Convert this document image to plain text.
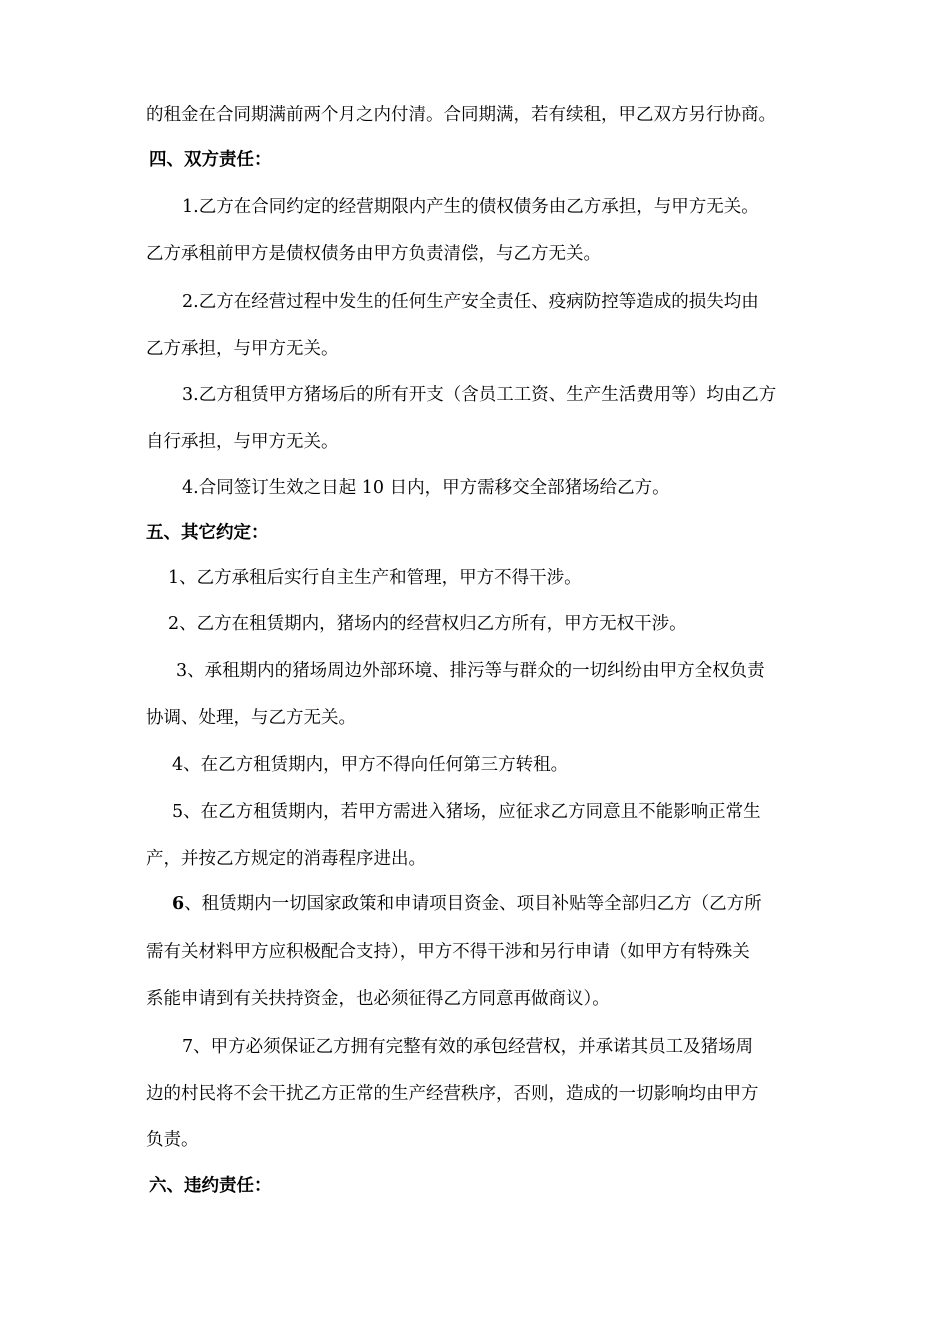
的租金在合同期满前两个月之内付清。合同期满，若有续租，甲乙双方另行协商。
四、双方责任：
1.乙方在合同约定的经营期限内产生的债权债务由乙方承担，与甲方无关。
乙方承租前甲方是债权债务由甲方负责清偿，与乙方无关。
2.乙方在经营过程中发生的任何生产安全责任、疫病防控等造成的损失均由
乙方承担，与甲方无关。
3.乙方租赁甲方猪场后的所有开支（含员工工资、生产生活费用等）均由乙方
自行承担，与甲方无关。
4.合同签订生效之日起 10 日内，甲方需移交全部猪场给乙方。
五、其它约定：
1、乙方承租后实行自主生产和管理，甲方不得干涉。
2、乙方在租赁期内，猪场内的经营权归乙方所有，甲方无权干涉。
3、承租期内的猪场周边外部环境、排污等与群众的一切纠纷由甲方全权负责
协调、处理，与乙方无关。
4、在乙方租赁期内，甲方不得向任何第三方转租。
5、在乙方租赁期内，若甲方需进入猪场，应征求乙方同意且不能影响正常生
产，并按乙方规定的消毒程序进出。
6、租赁期内一切国家政策和申请项目资金、项目补贴等全部归乙方（乙方所
需有关材料甲方应积极配合支持），甲方不得干涉和另行申请（如甲方有特殊关
系能申请到有关扶持资金，也必须征得乙方同意再做商议）。
7、甲方必须保证乙方拥有完整有效的承包经营权，并承诺其员工及猪场周
边的村民将不会干扰乙方正常的生产经营秩序，否则，造成的一切影响均由甲方
负责。
六、违约责任：
